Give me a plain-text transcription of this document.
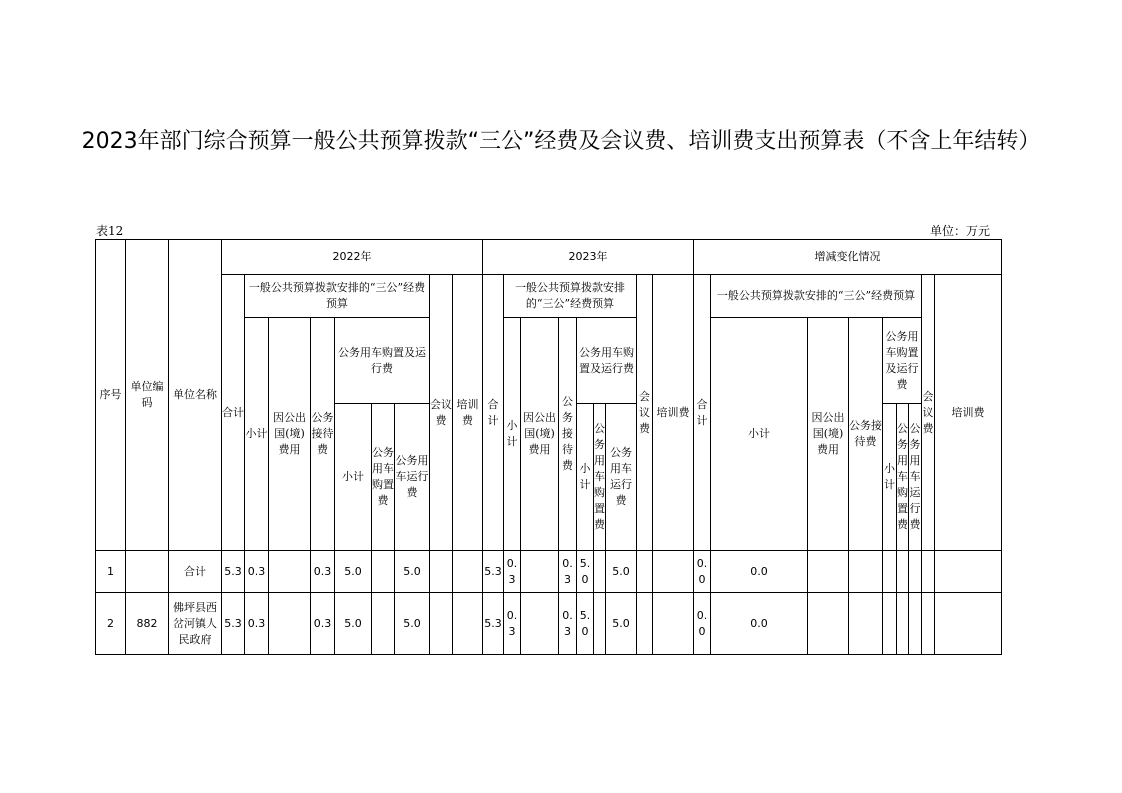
2023年部门综合预算一般公共预算拨款“三公”经费及会议费、培训费支出预算表（不含上年结转）
表12	单位：万元
序号	单位编码	单位名称	2022年									2023年									增减变化情况								
			合计	一般公共预算拨款安排的“三公”经费预算						会议费	培训费	合计	一般公共预算拨款安排的“三公”经费预算						会议费	培训费	合计	一般公共预算拨款安排的“三公”经费预算						会议费	培训费
				小计	因公出国(境)费用	公务接待费	公务用车购置及运行费						小计	因公出国(境)费用	公务接待费	公务用车购置及运行费						小计	因公出国(境)费用	公务接待费	公务用车购置及运行费				
							小计	公务用车购置费	公务用车运行费							小计	公务用车购置费	公务用车运行费							小计	公务用车购置费	公务用车运行费		
1		合计	5.3	0.3		0.3	5.0		5.0			5.3	0.3		0.3	5.0		5.0			0.0	0.0							
2	882	佛坪县西岔河镇人民政府	5.3	0.3		0.3	5.0		5.0			5.3	0.3		0.3	5.0		5.0			0.0	0.0							
